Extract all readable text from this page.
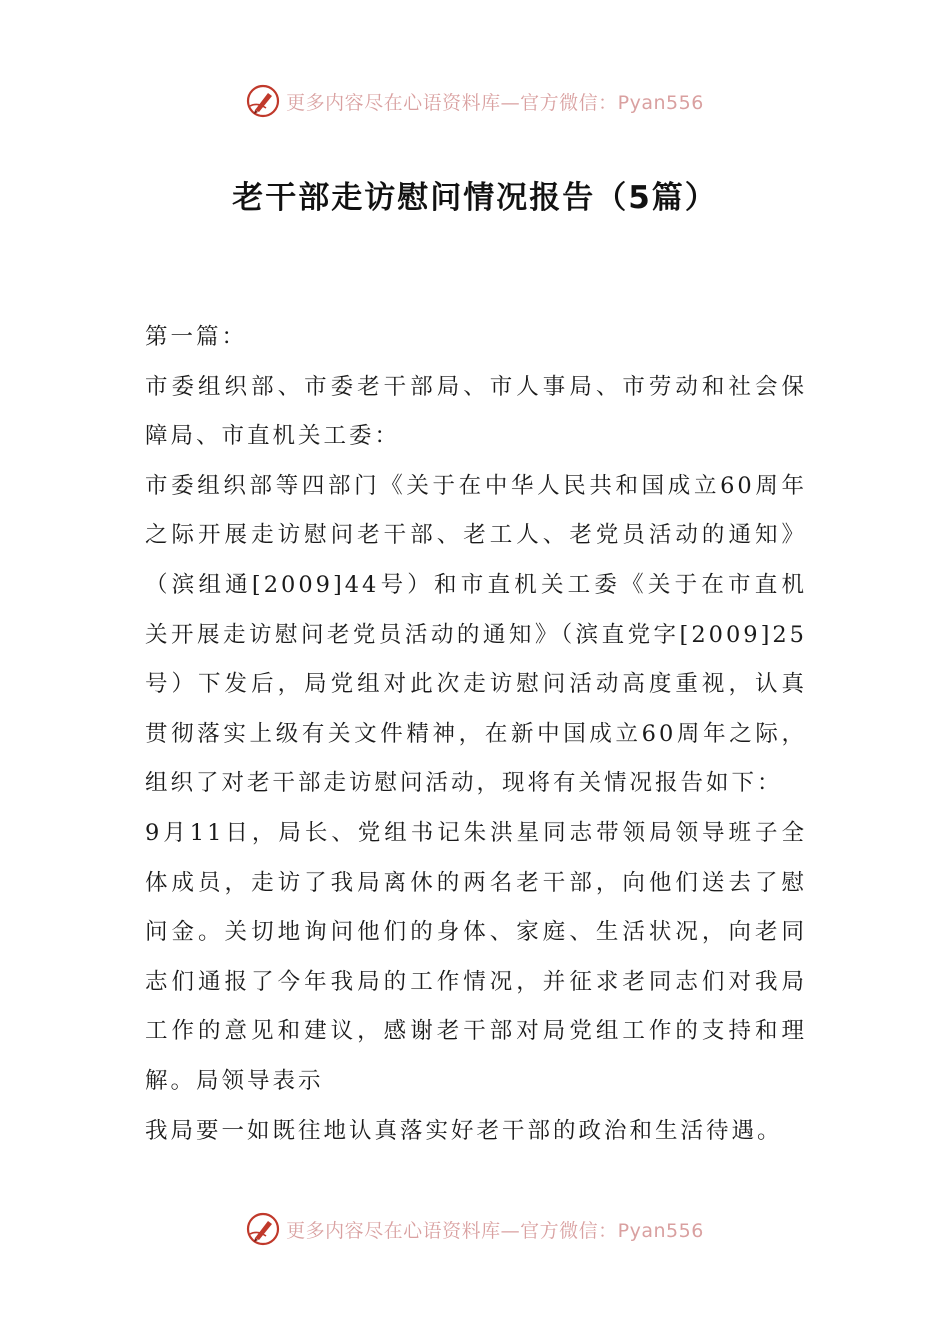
更多内容尽在心语资料库—官方微信：Pyan556
老干部走访慰问情况报告（5篇）

第一篇：

市委组织部、市委老干部局、市人事局、市劳动和社会保障局、市直机关工委：

市委组织部等四部门《关于在中华人民共和国成立60周年之际开展走访慰问老干部、老工人、老党员活动的通知》（滨组通[2009]44号）和市直机关工委《关于在市直机关开展走访慰问老党员活动的通知》（滨直党字[2009]25号）下发后，局党组对此次走访慰问活动高度重视，认真贯彻落实上级有关文件精神，在新中国成立60周年之际，组织了对老干部走访慰问活动，现将有关情况报告如下：

9月11日，局长、党组书记朱洪星同志带领局领导班子全体成员，走访了我局离休的两名老干部，向他们送去了慰问金。关切地询问他们的身体、家庭、生活状况，向老同志们通报了今年我局的工作情况，并征求老同志们对我局工作的意见和建议，感谢老干部对局党组工作的支持和理解。局领导表示

我局要一如既往地认真落实好老干部的政治和生活待遇。

更多内容尽在心语资料库—官方微信：Pyan556
